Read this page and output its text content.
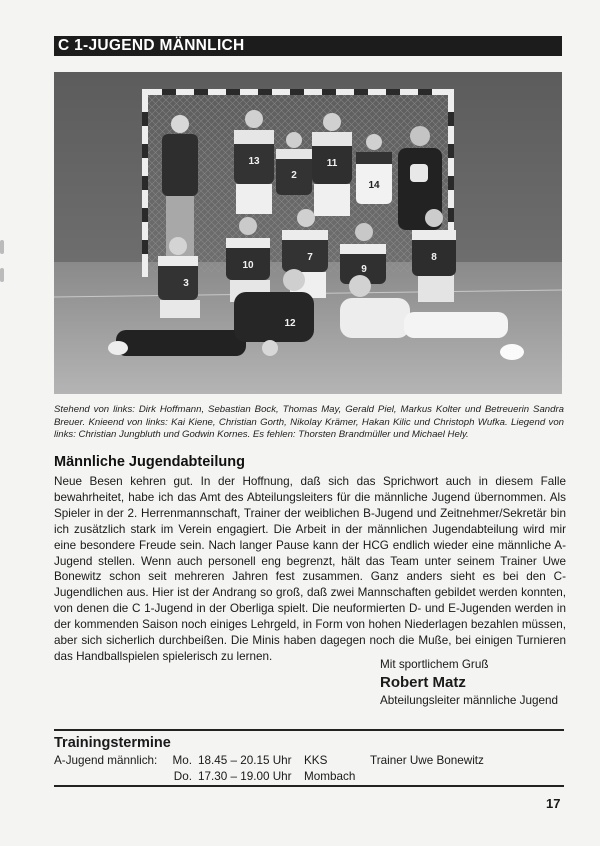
C 1-JUGEND MÄNNLICH
13
2
11
14
3
10
7
9
8
12

Stehend von links: Dirk Hoffmann, Sebastian Bock, Thomas May, Gerald Piel, Markus Kolter und Betreuerin Sandra Breuer. Knieend von links: Kai Kiene, Christian Gorth, Nikolay Krämer, Hakan Kilic und Christoph Wufka. Liegend von links: Christian Jungbluth und Godwin Kornes. Es fehlen: Thorsten Brandmüller und Michael Hely.

Männliche Jugendabteilung

Neue Besen kehren gut. In der Hoffnung, daß sich das Sprichwort auch in diesem Falle bewahrheitet, habe ich das Amt des Abteilungsleiters für die männliche Jugend übernommen. Als Spieler in der 2. Herrenmannschaft, Trainer der weiblichen B-Jugend und Zeitnehmer/Sekretär bin ich zusätzlich stark im Verein engagiert. Die Arbeit in der männlichen Jugendabteilung wird mir eine besondere Freude sein. Nach langer Pause kann der HCG endlich wieder eine männliche A-Jugend stellen. Wenn auch personell eng begrenzt, hält das Team unter seinem Trainer Uwe Bonewitz schon seit mehreren Jahren fest zusammen. Ganz anders sieht es bei den C-Jugendlichen aus. Hier ist der Andrang so groß, daß zwei Mannschaften gebildet werden konnten, von denen die C 1-Jugend in der Oberliga spielt. Die neuformierten D- und E-Jugenden werden in der kommenden Saison noch einiges Lehrgeld, in Form von hohen Niederlagen bezahlen müssen, aber sich sicherlich durchbeißen. Die Minis haben dagegen noch die Muße, bei einigen Turnieren das Handballspielen spielerisch zu lernen.

Mit sportlichem Gruß
Robert Matz
Abteilungsleiter männliche Jugend
Trainingstermine
A-Jugend männlich:	Mo. 18.45 – 20.15 Uhr KKS	Trainer Uwe Bonewitz
Do. 17.30 – 19.00 Uhr Mombach
17
